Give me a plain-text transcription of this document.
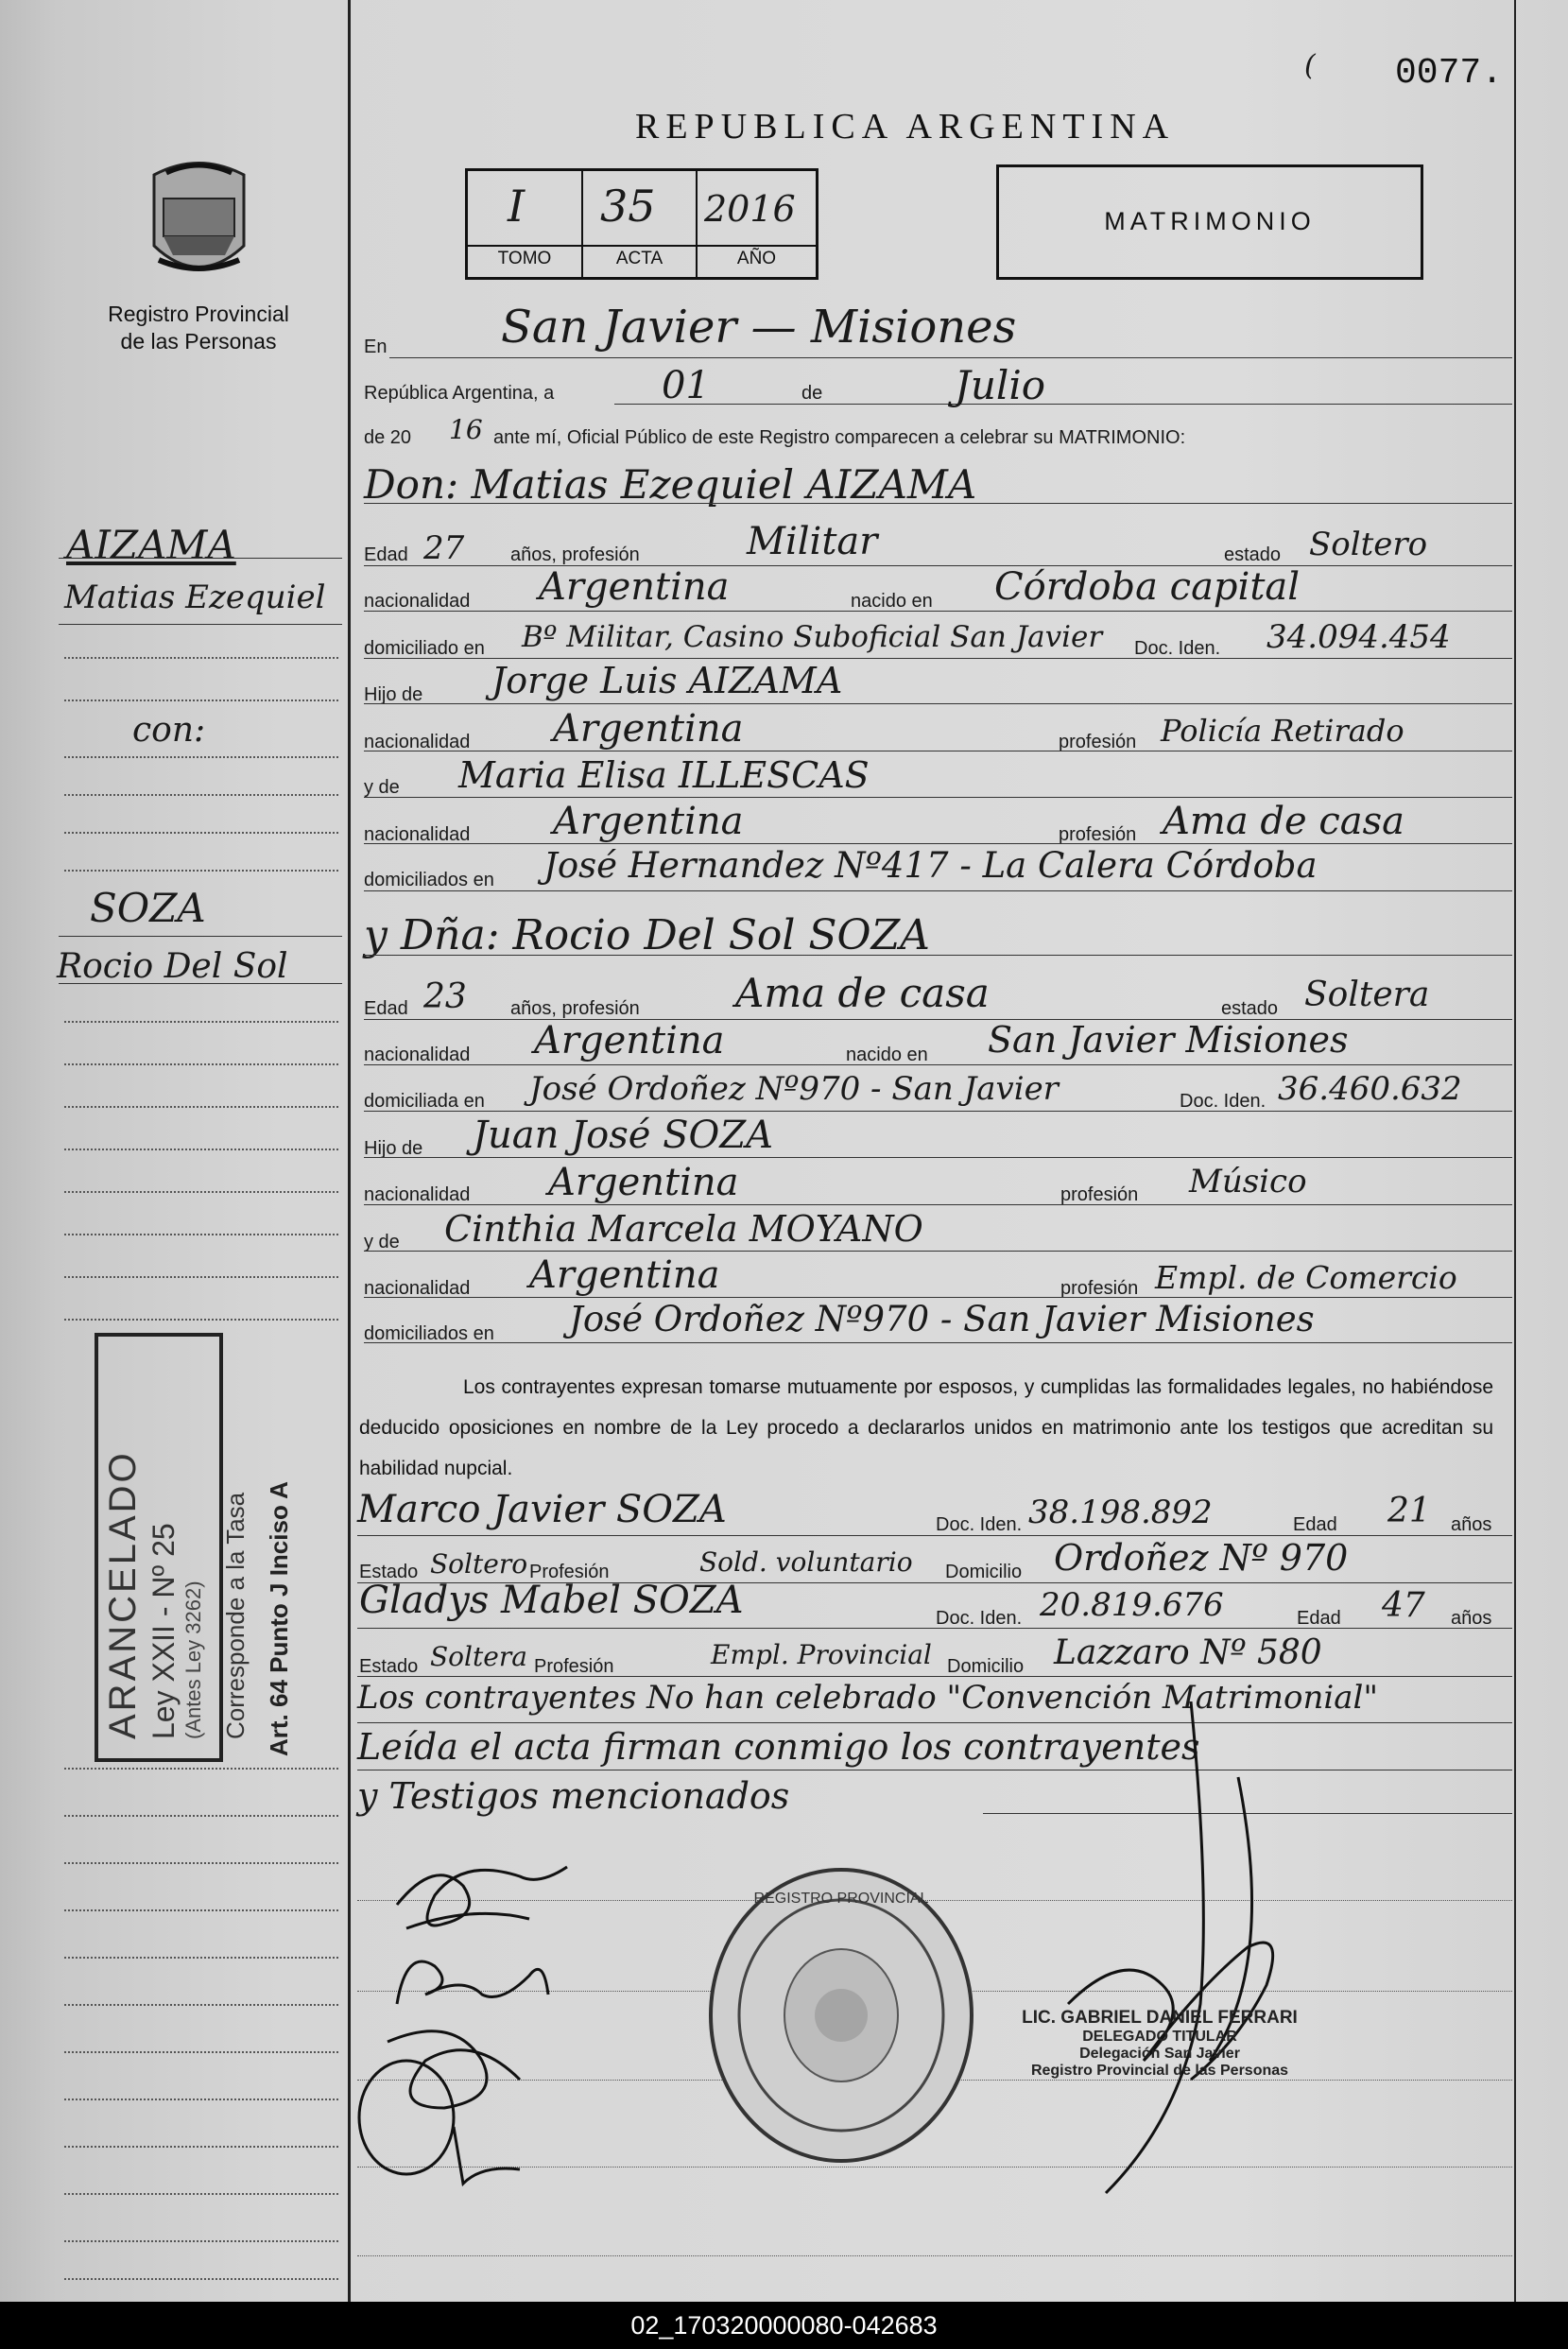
( 0077.
Registro Provincial
de las Personas
REPUBLICA ARGENTINA
I 35 2016
TOMO	ACTA	AÑO
MATRIMONIO
En	San Javier — Misiones
República Argentina, a	01	de	Julio
de 20 16 ante mí, Oficial Público de este Registro comparecen a celebrar su MATRIMONIO:
Don: Matias Ezequiel AIZAMA
Edad 27 años, profesión	Militar	estado Soltero
nacionalidad Argentina	nacido en Córdoba capital
domiciliado en Bº Militar, Casino Suboficial San Javier Doc. Iden. 34.094.454
Hijo de Jorge Luis AIZAMA
nacionalidad Argentina	profesión Policía Retirado
y de Maria Elisa ILLESCAS
nacionalidad Argentina	profesión Ama de casa
domiciliados en José Hernandez Nº417 - La Calera Córdoba
y Dña: Rocio Del Sol SOZA
Edad 23 años, profesión Ama de casa	estado Soltera
nacionalidad Argentina	nacido en San Javier Misiones
domiciliada en José Ordoñez Nº970 - San Javier	Doc. Iden. 36.460.632
Hijo de Juan José SOZA
nacionalidad Argentina	profesión Músico
y de Cinthia Marcela MOYANO
nacionalidad Argentina	profesión Empl. de Comercio
domiciliados en José Ordoñez Nº970 - San Javier Misiones
Los contrayentes expresan tomarse mutuamente por esposos, y cumplidas las formalidades legales, no habiéndose deducido oposiciones en nombre de la Ley procedo a declararlos unidos en matrimonio ante los testigos que acreditan su habilidad nupcial.
Marco Javier SOZA	Doc. Iden. 38.198.892	Edad 21 años
Estado Soltero Profesión	Sold. voluntario Domicilio Ordoñez Nº 970
Gladys Mabel SOZA	Doc. Iden. 20.819.676	Edad 47 años
Estado Soltera Profesión	Empl. Provincial Domicilio Lazzaro Nº 580
Los contrayentes No han celebrado "Convención Matrimonial"
Leída el acta firman conmigo los contrayentes
y Testigos mencionados
REGISTRO PROVINCIAL
LIC. GABRIEL DANIEL FERRARI
DELEGADO TITULAR
Delegación San Javier
Registro Provincial de las Personas
AIZAMA
Matias Ezequiel
con:
SOZA
Rocio Del Sol
ARANCELADO Ley XXII - Nº 25 (Antes Ley 3262) Corresponde a la Tasa Art. 64 Punto J Inciso A
02_170320000080-042683
